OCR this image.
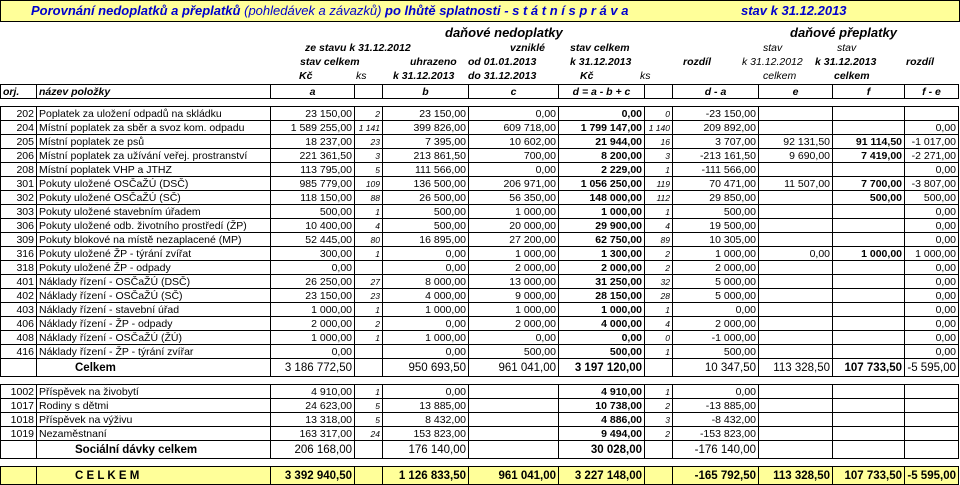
Porovnání nedoplatků a přeplatků (pohledávek a závazků) po lhůtě splatnosti - s t á t n í s p r á v a	stav k 31.12.2013
daňové nedoplatky	daňové přeplatky
ze stavu k 31.12.2012	vzniklé stav celkem	stav	stav
stav celkem	uhrazeno od 01.01.2013	k 31.12.2013	rozdíl	k 31.12.2012 k 31.12.2013	rozdíl
Kč	ks	k 31.12.2013 do 31.12.2013	Kč	ks	celkem	celkem
orj.	název položky	a		b	c	d = a - b + c		d - a	e	f	f - e

202	Poplatek za uložení odpadů na skládku	23 150,00	2	23 150,00	0,00	0,00	0	-23 150,00			
204	Místní poplatek za sběr a svoz kom. odpadu	1 589 255,00	1 141	399 826,00	609 718,00	1 799 147,00	1 140	209 892,00			0,00
205	Místní poplatek ze psů	18 237,00	23	7 395,00	10 602,00	21 944,00	16	3 707,00	92 131,50	91 114,50	-1 017,00
206	Místní poplatek za užívání veřej. prostranství	221 361,50	3	213 861,50	700,00	8 200,00	3	-213 161,50	9 690,00	7 419,00	-2 271,00
208	Místní poplatek VHP a JTHZ	113 795,00	5	111 566,00	0,00	2 229,00	1	-111 566,00			0,00
301	Pokuty uložené OSČaŽÚ (DSČ)	985 779,00	109	136 500,00	206 971,00	1 056 250,00	119	70 471,00	11 507,00	7 700,00	-3 807,00
302	Pokuty uložené OSČaŽÚ (SČ)	118 150,00	88	26 500,00	56 350,00	148 000,00	112	29 850,00		500,00	500,00
303	Pokuty uložené stavebním úřadem	500,00	1	500,00	1 000,00	1 000,00	1	500,00			0,00
306	Pokuty uložené odb. životního prostředí (ŽP)	10 400,00	4	500,00	20 000,00	29 900,00	4	19 500,00			0,00
309	Pokuty blokové na místě nezaplacené (MP)	52 445,00	80	16 895,00	27 200,00	62 750,00	89	10 305,00			0,00
316	Pokuty uložené ŽP - týrání zvířat	300,00	1	0,00	1 000,00	1 300,00	2	1 000,00	0,00	1 000,00	1 000,00
318	Pokuty uložené ŽP - odpady	0,00		0,00	2 000,00	2 000,00	2	2 000,00			0,00
401	Náklady řízení - OSČaŽÚ (DSČ)	26 250,00	27	8 000,00	13 000,00	31 250,00	32	5 000,00			0,00
402	Náklady řízení - OSČaŽÚ (SČ)	23 150,00	23	4 000,00	9 000,00	28 150,00	28	5 000,00			0,00
403	Náklady řízení - stavební úřad	1 000,00	1	1 000,00	1 000,00	1 000,00	1	0,00			0,00
406	Náklady řízení - ŽP - odpady	2 000,00	2	0,00	2 000,00	4 000,00	4	2 000,00			0,00
408	Náklady řízení - OSČaŽÚ (ŽÚ)	1 000,00	1	1 000,00	0,00	0,00	0	-1 000,00			0,00
416	Náklady řízení - ŽP - týrání zvířar	0,00		0,00	500,00	500,00	1	500,00			0,00
	Celkem	3 186 772,50		950 693,50	961 041,00	3 197 120,00		10 347,50	113 328,50	107 733,50	-5 595,00

1002	Příspěvek na živobytí	4 910,00	1	0,00		4 910,00	1	0,00			
1017	Rodiny s dětmi	24 623,00	5	13 885,00		10 738,00	2	-13 885,00			
1018	Příspěvek na výživu	13 318,00	5	8 432,00		4 886,00	3	-8 432,00			
1019	Nezaměstnaní	163 317,00	24	153 823,00		9 494,00	2	-153 823,00			
	Sociální dávky celkem	206 168,00		176 140,00		30 028,00		-176 140,00			

	C E L K E M	3 392 940,50		1 126 833,50	961 041,00	3 227 148,00		-165 792,50	113 328,50	107 733,50	-5 595,00
